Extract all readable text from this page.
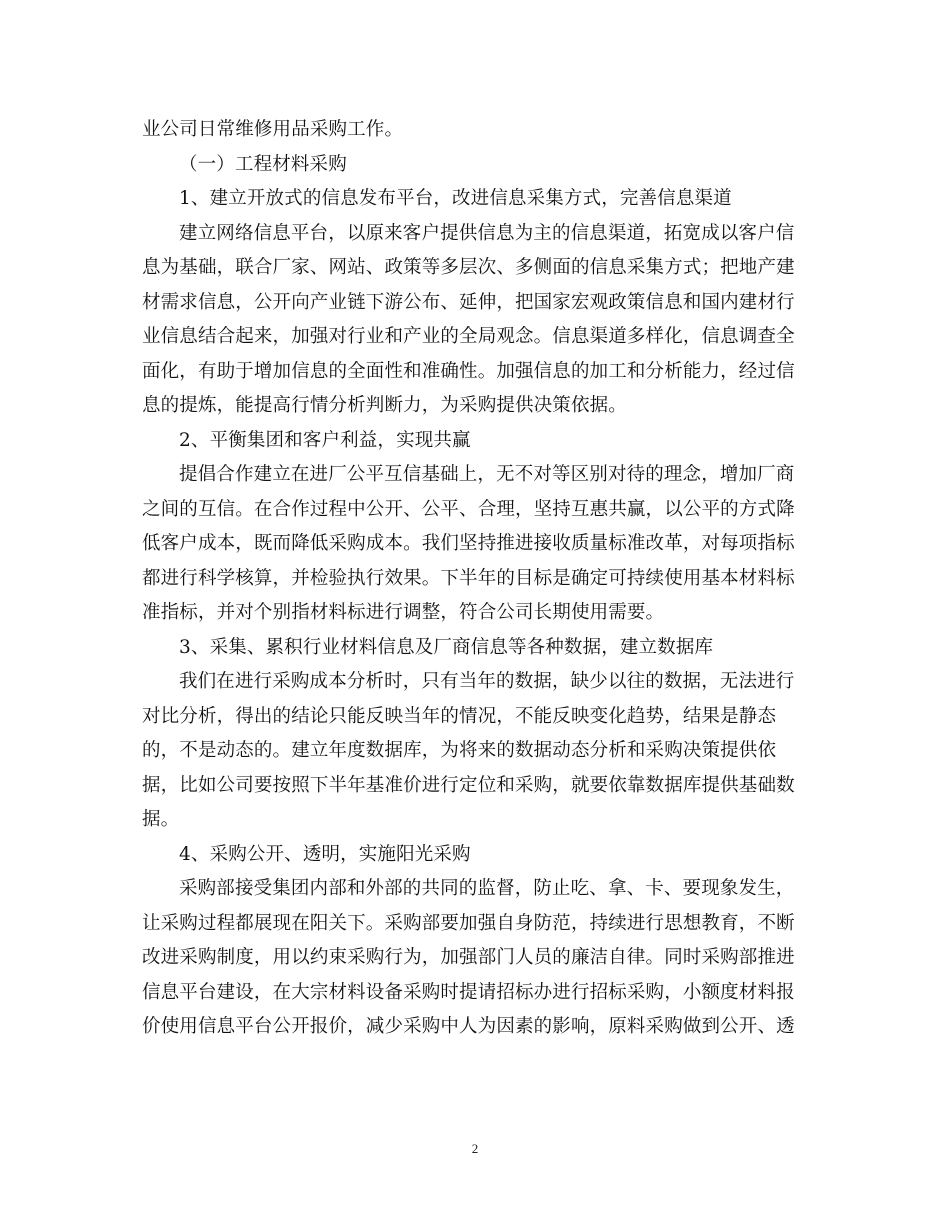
业公司日常维修用品采购工作。
（一）工程材料采购
1、建立开放式的信息发布平台，改进信息采集方式，完善信息渠道
建立网络信息平台，以原来客户提供信息为主的信息渠道，拓宽成以客户信
息为基础，联合厂家、网站、政策等多层次、多侧面的信息采集方式；把地产建
材需求信息，公开向产业链下游公布、延伸，把国家宏观政策信息和国内建材行
业信息结合起来，加强对行业和产业的全局观念。信息渠道多样化，信息调查全
面化，有助于增加信息的全面性和准确性。加强信息的加工和分析能力，经过信
息的提炼，能提高行情分析判断力，为采购提供决策依据。
2、平衡集团和客户利益，实现共赢
提倡合作建立在进厂公平互信基础上，无不对等区别对待的理念，增加厂商
之间的互信。在合作过程中公开、公平、合理，坚持互惠共赢，以公平的方式降
低客户成本，既而降低采购成本。我们坚持推进接收质量标准改革，对每项指标
都进行科学核算，并检验执行效果。下半年的目标是确定可持续使用基本材料标
准指标，并对个别指材料标进行调整，符合公司长期使用需要。
3、采集、累积行业材料信息及厂商信息等各种数据，建立数据库
我们在进行采购成本分析时，只有当年的数据，缺少以往的数据，无法进行
对比分析，得出的结论只能反映当年的情况，不能反映变化趋势，结果是静态
的，不是动态的。建立年度数据库，为将来的数据动态分析和采购决策提供依
据，比如公司要按照下半年基准价进行定位和采购，就要依靠数据库提供基础数
据。
4、采购公开、透明，实施阳光采购
采购部接受集团内部和外部的共同的监督，防止吃、拿、卡、要现象发生，
让采购过程都展现在阳关下。采购部要加强自身防范，持续进行思想教育，不断
改进采购制度，用以约束采购行为，加强部门人员的廉洁自律。同时采购部推进
信息平台建设，在大宗材料设备采购时提请招标办进行招标采购，小额度材料报
价使用信息平台公开报价，减少采购中人为因素的影响，原料采购做到公开、透
2
